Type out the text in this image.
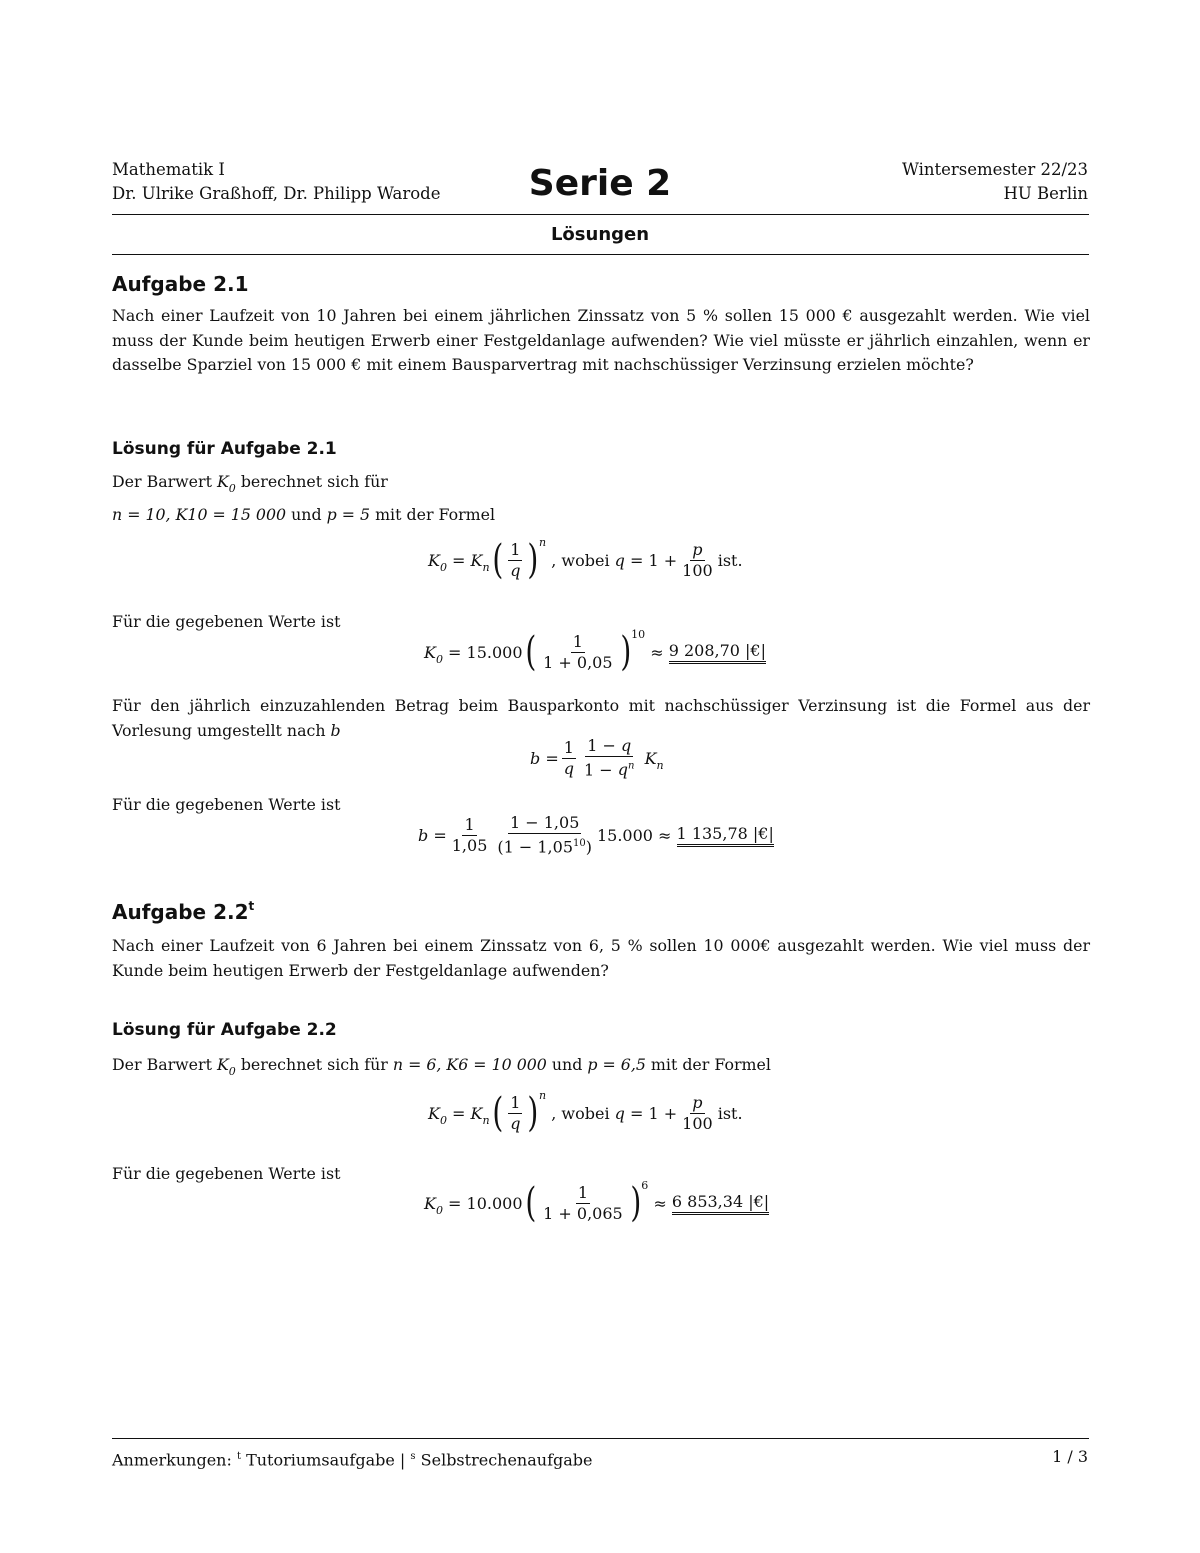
Mathematik I
Dr. Ulrike Graßhoff, Dr. Philipp Warode	Serie 2	Wintersemester 22/23
HU Berlin
Lösungen
Aufgabe 2.1
Nach einer Laufzeit von 10 Jahren bei einem jährlichen Zinssatz von 5 % sollen 15 000 € ausgezahlt werden. Wie viel muss der Kunde beim heutigen Erwerb einer Festgeldanlage aufwenden? Wie viel müsste er jährlich einzahlen, wenn er dasselbe Sparziel von 15 000 € mit einem Bausparvertrag mit nachschüssiger Verzinsung erzielen möchte?
Lösung für Aufgabe 2.1
Der Barwert $K_0$ berechnet sich für
n = 10, K10 = 15 000 und p = 5 mit der Formel
$K_0 = K_n$ ( $\frac{1}{q}$ ) n
, wobei
$q = 1 + \frac{p}{100}$ ist.
Für die gegebenen Werte ist
$K_0 = 15.000$ ( $\frac{1}{1 + 0,05}$ ) 10
≈ 9 208,70 |€|
Für den jährlich einzuzahlenden Betrag beim Bausparkonto mit nachschüssiger Verzinsung ist die Formel aus der Vorlesung umgestellt nach b
$b = \frac{1}{q} \frac{1 - q}{1 - q^n}$
$K_n$
Für die gegebenen Werte ist
$b = \frac{1}{1,05} \frac{1 - 1,05}{(1 - 1,05^{10})} 15.000 \approx 1$ 135,78 |€|
Aufgabe 2.2$^t$
Nach einer Laufzeit von 6 Jahren bei einem Zinssatz von 6, 5 % sollen 10 000€ ausgezahlt werden. Wie viel muss der Kunde beim heutigen Erwerb der Festgeldanlage aufwenden?
Lösung für Aufgabe 2.2
Der Barwert $K_0$ berechnet sich für n = 6, K6 = 10 000 und p = 6,5 mit der Formel
$K_0 = K_n$ ( $\frac{1}{q}$ ) n
, wobei
$q = 1 + \frac{p}{100}$ ist.
Für die gegebenen Werte ist
$K_0 = 10.000$ ( $\frac{1}{1 + 0,065}$ ) 6
≈ 6 853,34 |€|
Anmerkungen: $^t$ Tutoriumsaufgabe | $^s$ Selbstrechenaufgabe	1 / 3
